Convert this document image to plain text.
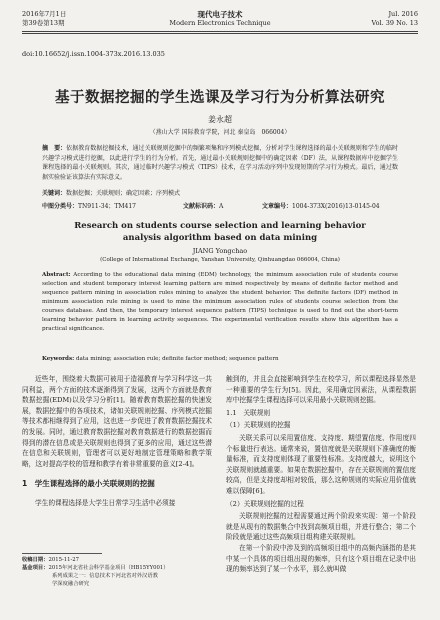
2016年7月1日
第39卷第13期
现代电子技术
Modern Electronics Technique
Jul. 2016
Vol. 39 No. 13
doi:10.16652/j.issn.1004-373x.2016.13.035
基于数据挖掘的学生选课及学习行为分析算法研究
姜永超
（燕山大学 国际教育学院，河北 秦皇岛　066004）
摘　要：依据教育数据挖掘技术，通过关联规则挖掘中的频繁项集和序列模式挖掘，分析对学生课程选择的最小关联规则和学生的临时兴趣学习模式进行挖掘，以此进行学生的行为分析。首先，通过最小关联规则挖掘中的确定因素（DF）法，从课程数据库中挖掘学生课程选择的最小关联规则。其次，通过临时兴趣学习模式（TIPS）技术，在学习活动序列中发现短期的学习行为模式。最后，通过数据实验验证该算法有实际意义。
关键词：数据挖掘；关联规则；确定因素；序列模式
中图分类号：TN911-34；TM417	文献标识码：A	文章编号：1004-373X(2016)13-0145-04
Research on students course selection and learning behavior
analysis algorithm based on data mining
JIANG Yongchao
(College of International Exchange, Yanshan University, Qinhuangdao 066004, China)
Abstract: According to the educational data mining (EDM) technology, the minimum association rule of students course selection and student temporary interest learning pattern are mined respectively by means of definite factor method and sequence pattern mining in association rules mining to analyze the student behavior. The definite factors (DF) method in minimum association rule mining is used to mine the minimum association rules of students course selection from the courses database. And then, the temporary interest sequence pattern (TIPS) technique is used to find out the short-term learning behavior pattern in learning activity sequences. The experimental verification results show this algorithm has a practical significance.
Keywords: data mining; association rule; definite factor method; sequence pattern

近些年，围绕着大数据可被用于造福教育与学习科学这一共同利益，两个方面的技术逐渐得到了发展，这两个方面就是教育数据挖掘(EDM)以及学习分析[1]。随着教育数据挖掘的快速发展，数据挖掘中的各项技术，诸如关联规则挖掘、序列模式挖掘等技术都相继得到了应用，这也进一步促进了教育数据挖掘技术的发展。同时，通过教育数据挖掘对教育数据进行的数据挖掘而得到的潜在信息或是关联规则也得到了更多的应用，通过这些潜在信息和关联规则，管理者可以更好地制定管理策略和教学策略，这对提高学校的管理和教学有着非常重要的意义[2-4]。

1　学生课程选择的最小关联规则的挖掘

学生的课程选择是大学生日常学习生活中必须接

触到的，并且会直接影响到学生在校学习，所以课程选择显然是一种重要的学生行为[5]。因此，采用确定因素法，从课程数据库中挖掘学生课程选择可以采用最小关联规则挖掘。

1.1　关联规则
（1）关联规则的挖掘

关联关系可以采用置信度、支持度、期望置信度、作用度四个标量进行表达。通常来说，置信度就是关联规则下准确度的衡量标准，而支持度则体现了重要性标准。支持度越大，说明这个关联规则就越重要。如果在数据挖掘中，存在关联规则的置信度较高，但是支持度却相对较低，那么这种规则的实际应用价值就难以保障[6]。

（2）关联规则挖掘的过程

关联规则挖掘的过程需要通过两个阶段来实现：第一个阶段就是从现有的数据集合中找到高频项目组，并进行整合；第二个阶段就是通过这些高频项目组构建关联规则。

在第一个阶段中涉及到的高频项目组中的高频内涵指的是其中某一个具体的项目组出现的频率，只有这个项目组在记录中出现的频率达到了某一个水平，那么就叫做

收稿日期：2015-11-27
基金项目：2015年河北省社会科学基金项目（HB15YY001）
系列成果之一：信息技术下河北省对外汉语教
学深度融合研究
